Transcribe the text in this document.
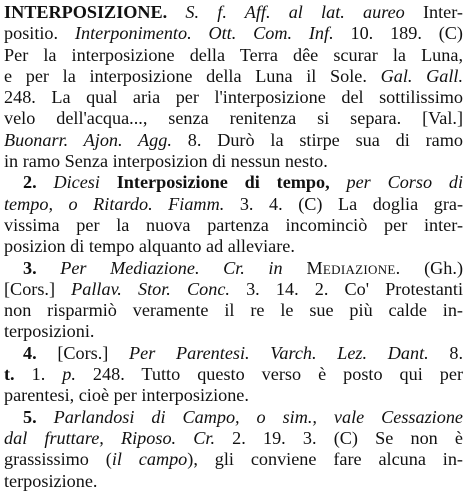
INTERPOSIZIONE. S. f. Aff. al lat. aureo Inter-
positio. Interponimento. Ott. Com. Inf. 10. 189. (C)
Per la interposizione della Terra dêe scurar la Luna,
e per la interposizione della Luna il Sole. Gal. Gall.
248. La qual aria per l'interposizione del sottilissimo
velo dell'acqua..., senza renitenza si separa. [Val.]
Buonarr. Ajon. Agg. 8. Durò la stirpe sua di ramo
in ramo Senza interposizion di nessun nesto.
2. Dicesi Interposizione di tempo, per Corso di
tempo, o Ritardo. Fiamm. 3. 4. (C) La doglia gra-
vissima per la nuova partenza incominciò per inter-
posizion di tempo alquanto ad alleviare.
3. Per Mediazione. Cr. in Mediazione. (Gh.)
[Cors.] Pallav. Stor. Conc. 3. 14. 2. Co' Protestanti
non risparmiò veramente il re le sue più calde in-
terposizioni.
4. [Cors.] Per Parentesi. Varch. Lez. Dant. 8.
t. 1. p. 248. Tutto questo verso è posto qui per
parentesi, cioè per interposizione.
5. Parlandosi di Campo, o sim., vale Cessazione
dal fruttare, Riposo. Cr. 2. 19. 3. (C) Se non è
grassissimo (il campo), gli conviene fare alcuna in-
terposizione.
